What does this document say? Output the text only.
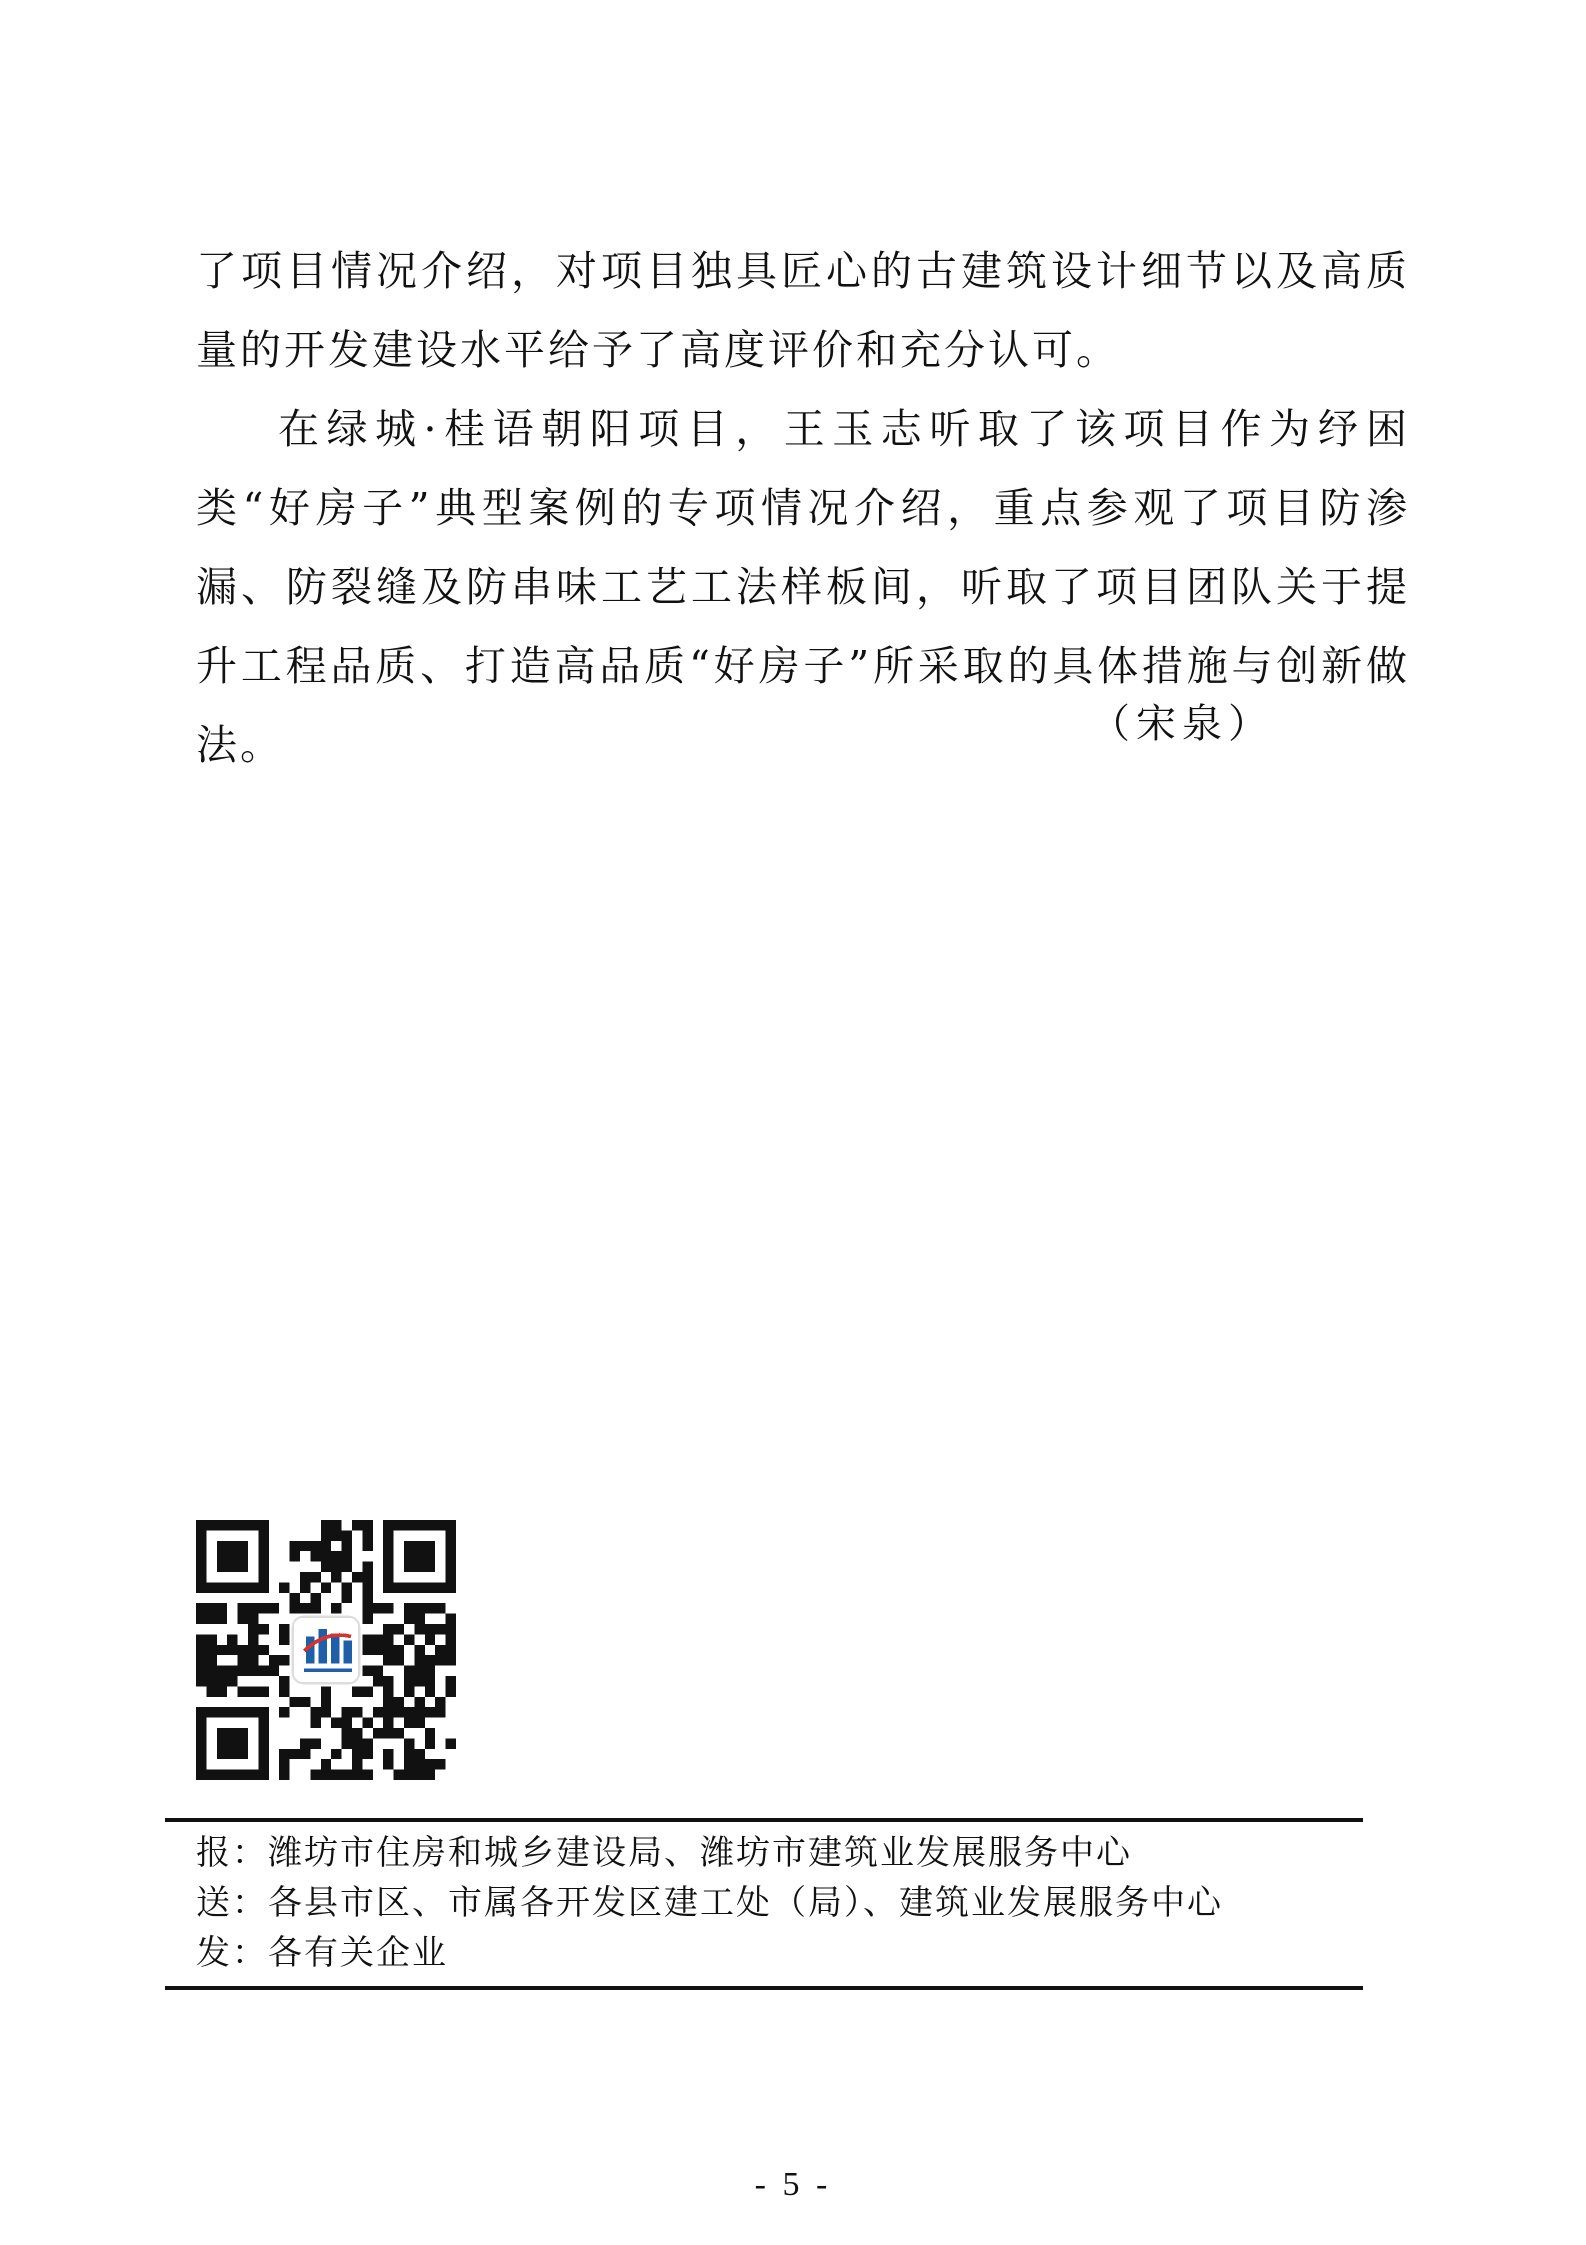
了项目情况介绍，对项目独具匠心的古建筑设计细节以及高质量的开发建设水平给予了高度评价和充分认可。

在绿城·桂语朝阳项目，王玉志听取了该项目作为纾困类“好房子”典型案例的专项情况介绍，重点参观了项目防渗漏、防裂缝及防串味工艺工法样板间，听取了项目团队关于提升工程品质、打造高品质“好房子”所采取的具体措施与创新做法。	（宋泉）
报：潍坊市住房和城乡建设局、潍坊市建筑业发展服务中心
送：各县市区、市属各开发区建工处（局）、建筑业发展服务中心
发：各有关企业
- 5 -
